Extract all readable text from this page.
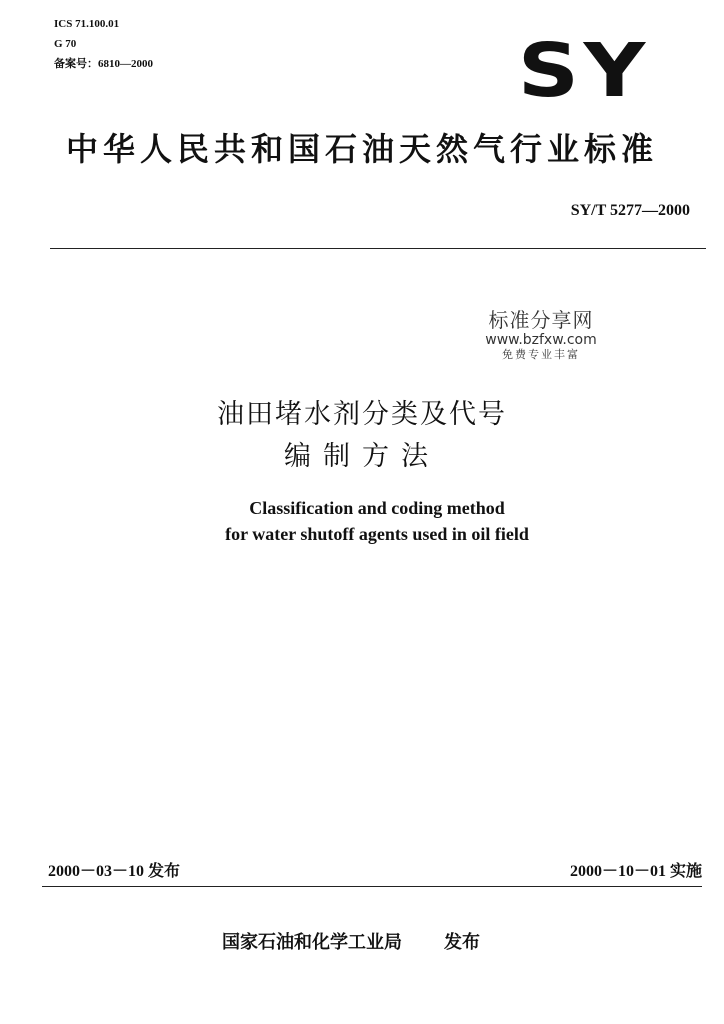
ICS 71.100.01
G 70
备案号：6810—2000	SY
中华人民共和国石油天然气行业标准
SY/T 5277—2000
标准分享网
www.bzfxw.com
免费专业丰富
油田堵水剂分类及代号
编制方法
Classification and coding method
for water shutoff agents used in oil field
2000－03－10 发布	2000－10－01 实施
国家石油和化学工业局 发布
